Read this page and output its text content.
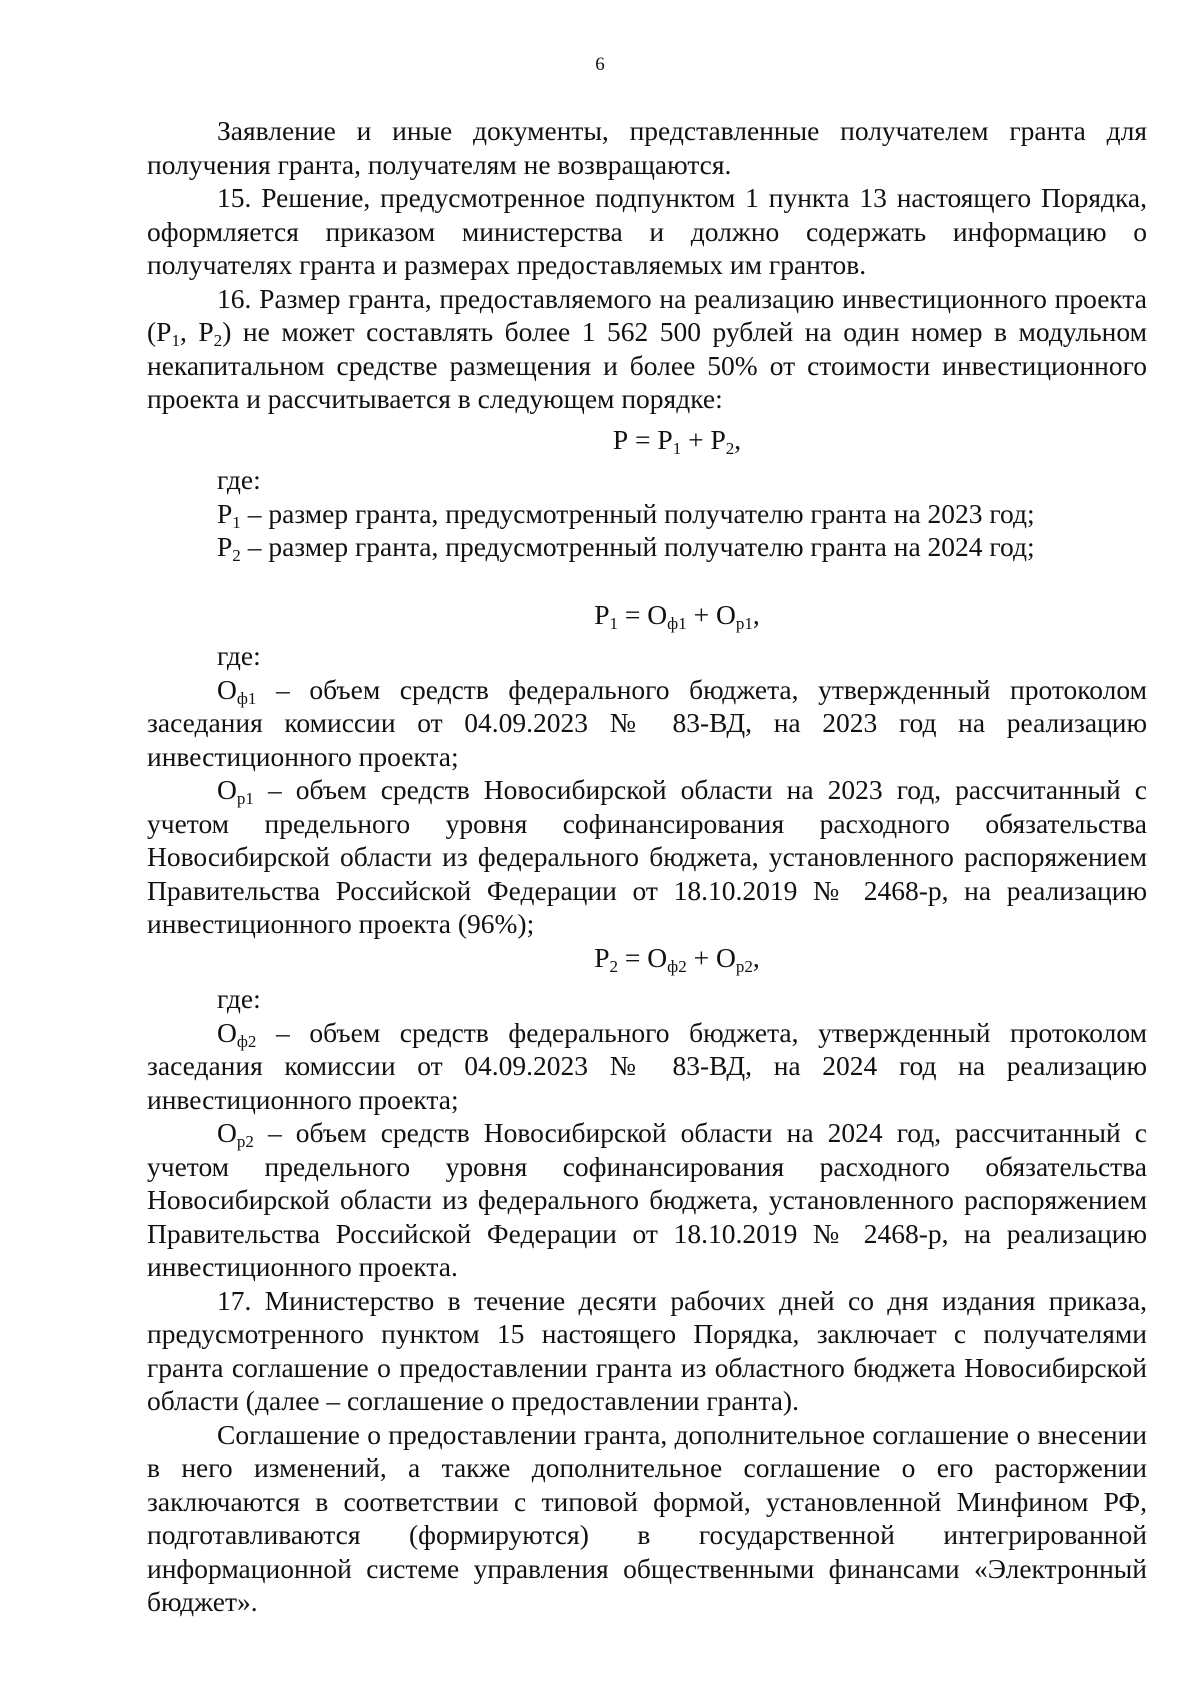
6

Заявление и иные документы, представленные получателем гранта для получения гранта, получателям не возвращаются.

15. Решение, предусмотренное подпунктом 1 пункта 13 настоящего Порядка, оформляется приказом министерства и должно содержать информацию о получателях гранта и размерах предоставляемых им грантов.

16. Размер гранта, предоставляемого на реализацию инвестиционного проекта ($Р_1$, $Р_2$) не может составлять более 1 562 500 рублей на один номер в модульном некапитальном средстве размещения и более 50% от стоимости инвестиционного проекта и рассчитывается в следующем порядке:

$Р = Р_1 + Р_2$,

где:

$Р_1$ – размер гранта, предусмотренный получателю гранта на 2023 год;

$Р_2$ – размер гранта, предусмотренный получателю гранта на 2024 год;

$Р_1 = О_{ф1} + О_{р1}$,

где:

$О_{ф1}$ – объем средств федерального бюджета, утвержденный протоколом заседания комиссии от 04.09.2023 № 83-ВД, на 2023 год на реализацию инвестиционного проекта;

$О_{р1}$ – объем средств Новосибирской области на 2023 год, рассчитанный с учетом предельного уровня софинансирования расходного обязательства Новосибирской области из федерального бюджета, установленного распоряжением Правительства Российской Федерации от 18.10.2019 № 2468-р, на реализацию инвестиционного проекта (96%);

$Р_2 = О_{ф2} + О_{р2}$,

где:

$О_{ф2}$ – объем средств федерального бюджета, утвержденный протоколом заседания комиссии от 04.09.2023 № 83-ВД, на 2024 год на реализацию инвестиционного проекта;

$О_{р2}$ – объем средств Новосибирской области на 2024 год, рассчитанный с учетом предельного уровня софинансирования расходного обязательства Новосибирской области из федерального бюджета, установленного распоряжением Правительства Российской Федерации от 18.10.2019 № 2468-р, на реализацию инвестиционного проекта.

17. Министерство в течение десяти рабочих дней со дня издания приказа, предусмотренного пунктом 15 настоящего Порядка, заключает с получателями гранта соглашение о предоставлении гранта из областного бюджета Новосибирской области (далее – соглашение о предоставлении гранта).

Соглашение о предоставлении гранта, дополнительное соглашение о внесении в него изменений, а также дополнительное соглашение о его расторжении заключаются в соответствии с типовой формой, установленной Минфином РФ, подготавливаются (формируются) в государственной интегрированной информационной системе управления общественными финансами «Электронный бюджет».
